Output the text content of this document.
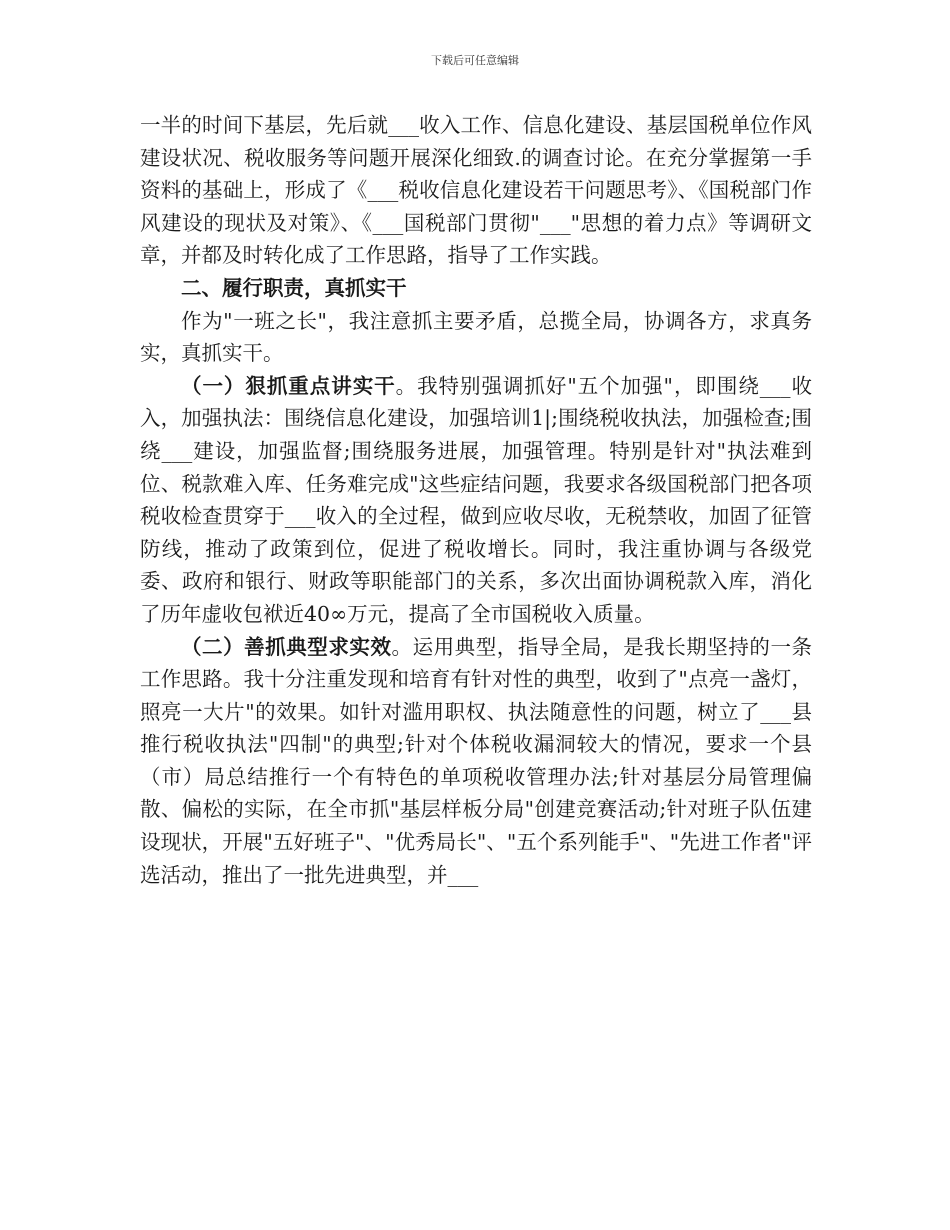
下载后可任意编辑

一半的时间下基层，先后就___收入工作、信息化建设、基层国税单位作风建设状况、税收服务等问题开展深化细致.的调查讨论。在充分掌握第一手资料的基础上，形成了《___税收信息化建设若干问题思考》、《国税部门作风建设的现状及对策》、《___国税部门贯彻"___"思想的着力点》等调研文章，并都及时转化成了工作思路，指导了工作实践。

二、履行职责，真抓实干

作为"一班之长"，我注意抓主要矛盾，总揽全局，协调各方，求真务实，真抓实干。

（一）狠抓重点讲实干。我特别强调抓好"五个加强"，即围绕___收入，加强执法：围绕信息化建设，加强培训1|;围绕税收执法，加强检查;围绕___建设，加强监督;围绕服务进展，加强管理。特别是针对"执法难到位、税款难入库、任务难完成"这些症结问题，我要求各级国税部门把各项税收检查贯穿于___收入的全过程，做到应收尽收，无税禁收，加固了征管防线，推动了政策到位，促进了税收增长。同时，我注重协调与各级党委、政府和银行、财政等职能部门的关系，多次出面协调税款入库，消化了历年虚收包袱近40∞万元，提高了全市国税收入质量。

（二）善抓典型求实效。运用典型，指导全局，是我长期坚持的一条工作思路。我十分注重发现和培育有针对性的典型，收到了"点亮一盏灯，照亮一大片"的效果。如针对滥用职权、执法随意性的问题，树立了___县推行税收执法"四制"的典型;针对个体税收漏洞较大的情况，要求一个县（市）局总结推行一个有特色的单项税收管理办法;针对基层分局管理偏散、偏松的实际，在全市抓"基层样板分局"创建竞赛活动;针对班子队伍建设现状，开展"五好班子"、"优秀局长"、"五个系列能手"、"先进工作者"评选活动，推出了一批先进典型，并___
